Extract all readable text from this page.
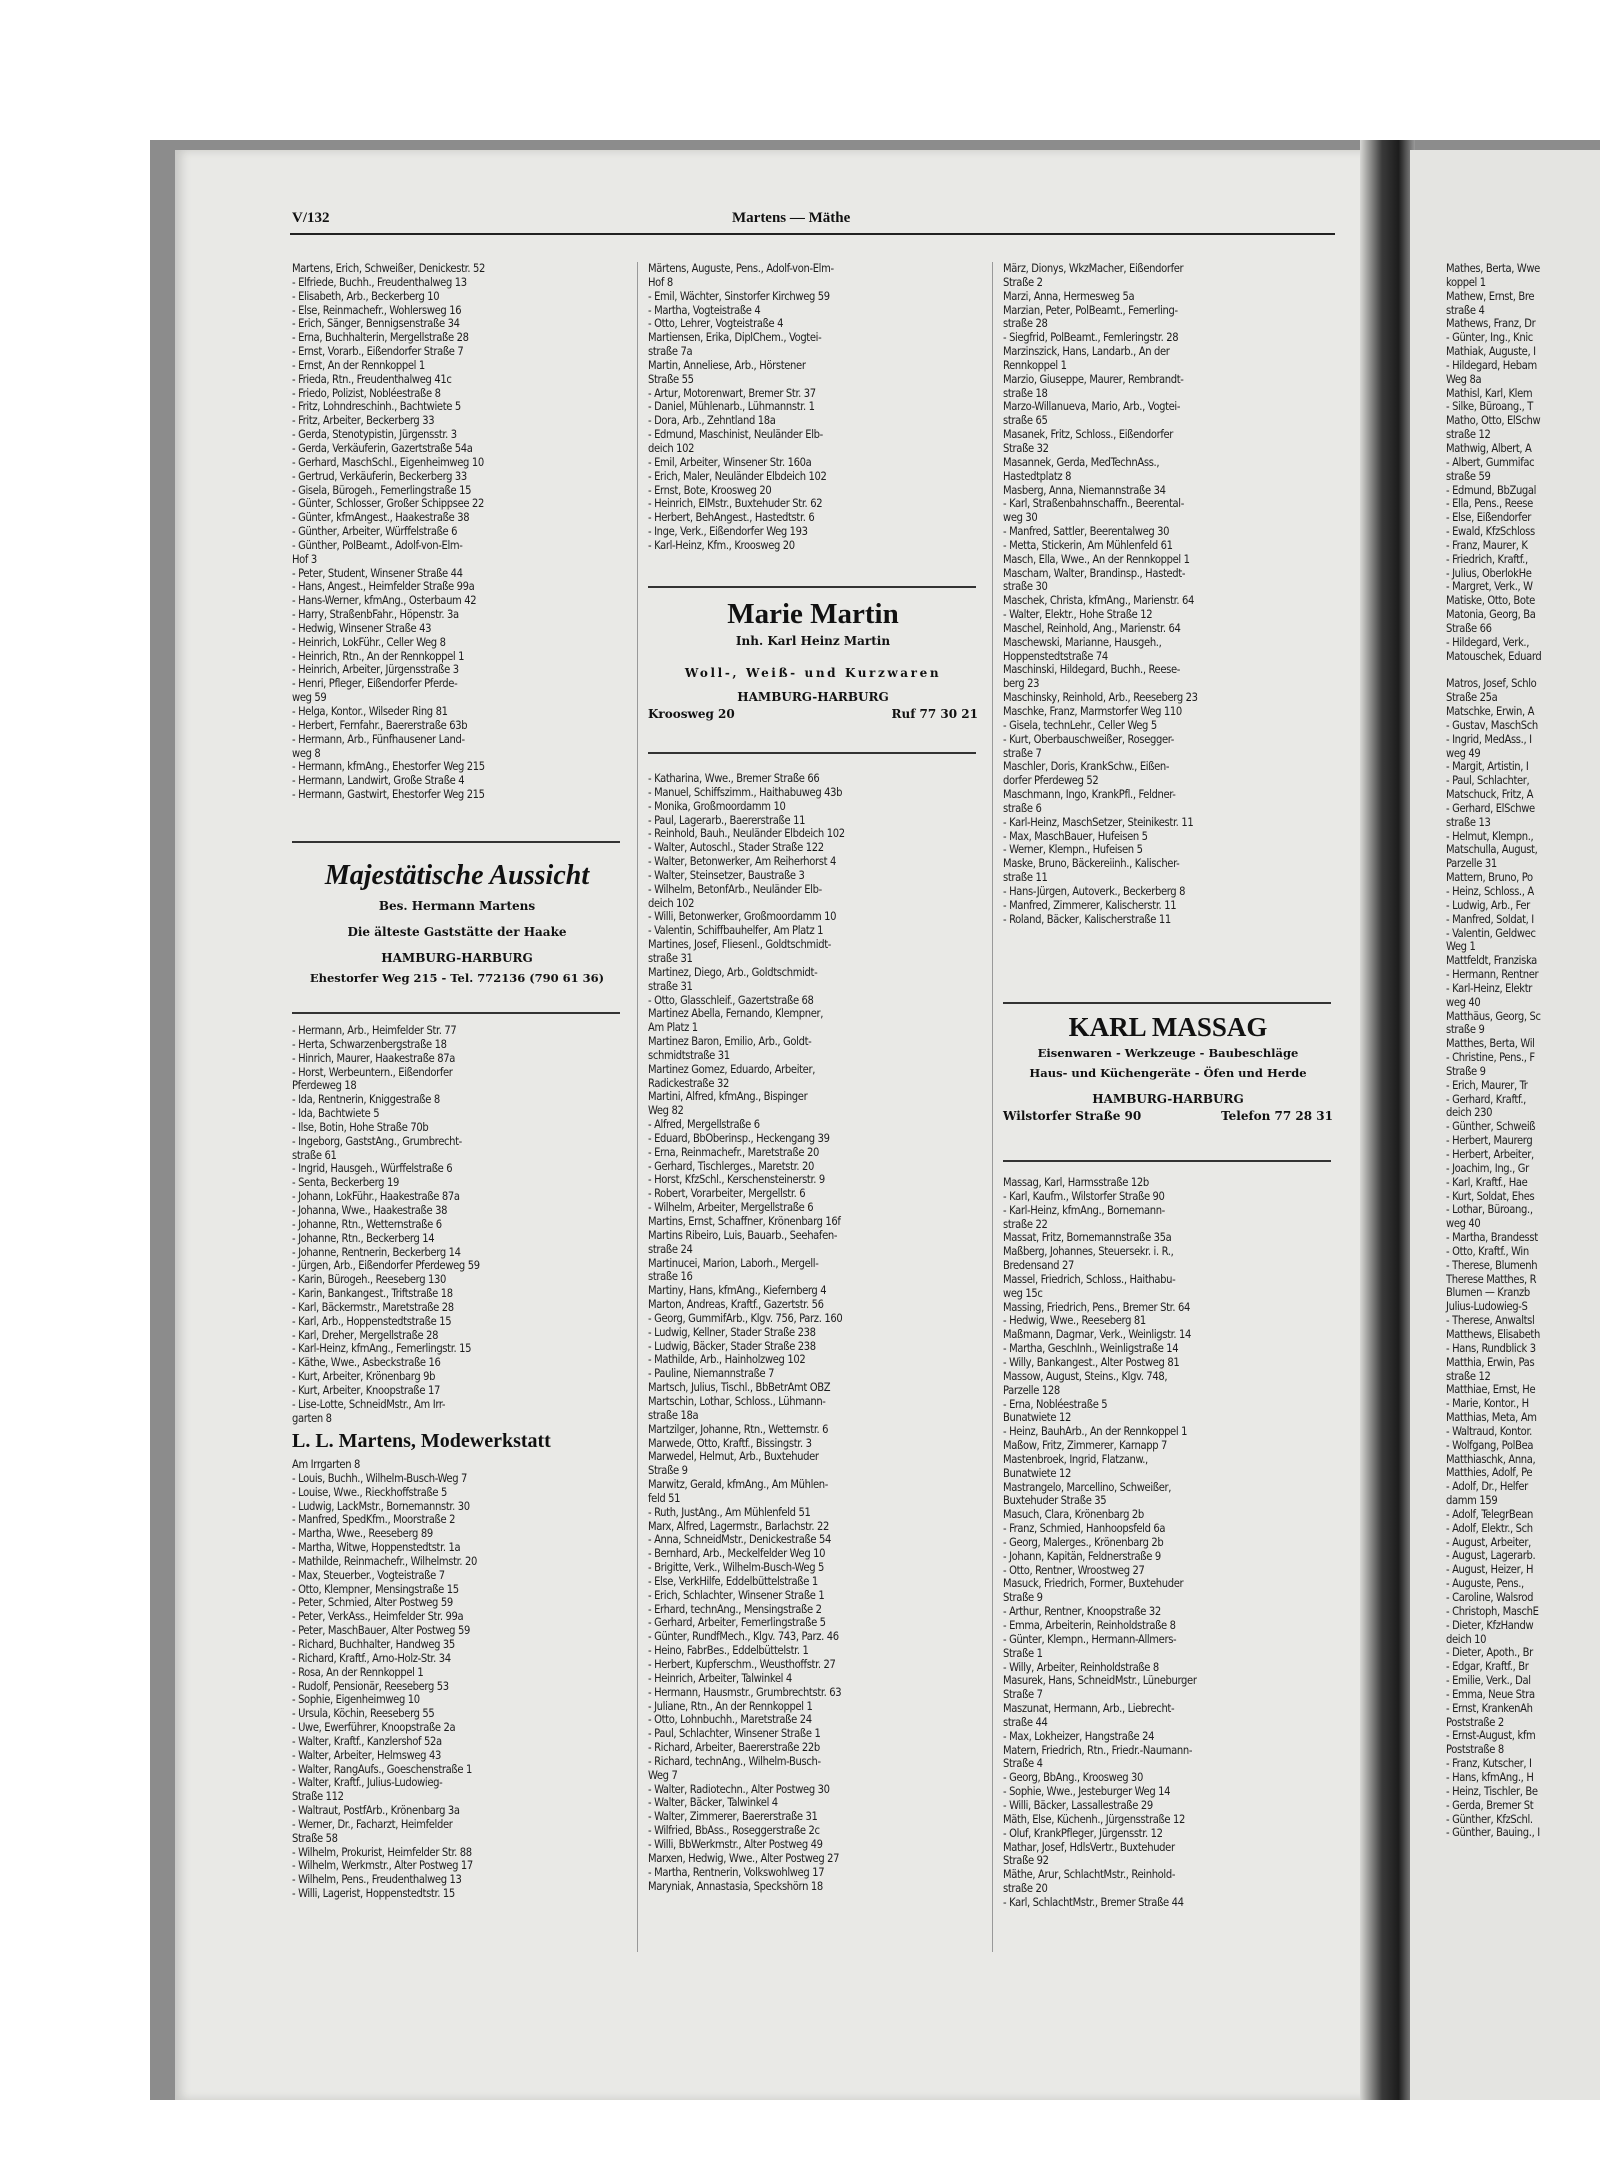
Mathes, Berta, Wwe
koppel 1
Mathew, Ernst, Bre
straße 4
Mathews, Franz, Dr
- Günter, Ing., Knic
Mathiak, Auguste, I
- Hildegard, Hebam
Weg 8a
Mathisl, Karl, Klem
- Silke, Büroang., T
Matho, Otto, ElSchw
straße 12
Mathwig, Albert, A
- Albert, Gummifac
straße 59
- Edmund, BbZugal
- Ella, Pens., Reese
- Else, Eißendorfer
- Ewald, KfzSchloss
- Franz, Maurer, K
- Friedrich, Kraftf.,
- Julius, OberlokHe
- Margret, Verk., W
Matiske, Otto, Bote
Matonia, Georg, Ba
Straße 66
- Hildegard, Verk.,
Matouschek, Eduard
Matros, Josef, Schlo
Straße 25a
Matschke, Erwin, A
- Gustav, MaschSch
- Ingrid, MedAss., I
weg 49
- Margit, Artistin, I
- Paul, Schlachter,
Matschuck, Fritz, A
- Gerhard, ElSchwe
straße 13
- Helmut, Klempn.,
Matschulla, August,
Parzelle 31
Mattern, Bruno, Po
- Heinz, Schloss., A
- Ludwig, Arb., Fer
- Manfred, Soldat, I
- Valentin, Geldwec
Weg 1
Mattfeldt, Franziska
- Hermann, Rentner
- Karl-Heinz, Elektr
weg 40
Matthäus, Georg, Sc
straße 9
Matthes, Berta, Wil
- Christine, Pens., F
Straße 9
- Erich, Maurer, Tr
- Gerhard, Kraftf.,
deich 230
- Günther, Schweiß
- Herbert, Maurerg
- Herbert, Arbeiter,
- Joachim, Ing., Gr
- Karl, Kraftf., Hae
- Kurt, Soldat, Ehes
- Lothar, Büroang.,
weg 40
- Martha, Brandesst
- Otto, Kraftf., Win
- Therese, Blumenh
Therese Matthes, R
Blumen — Kranzb
Julius-Ludowieg-S
- Therese, Anwaltsl
Matthews, Elisabeth
- Hans, Rundblick 3
Matthia, Erwin, Pas
straße 12
Matthiae, Ernst, He
- Marie, Kontor., H
Matthias, Meta, Am
- Waltraud, Kontor.
- Wolfgang, PolBea
Matthiaschk, Anna,
Matthies, Adolf, Pe
- Adolf, Dr., Helfer
damm 159
- Adolf, TelegrBean
- Adolf, Elektr., Sch
- August, Arbeiter,
- August, Lagerarb.
- August, Heizer, H
- Auguste, Pens.,
- Caroline, Walsrod
- Christoph, MaschE
- Dieter, KfzHandw
deich 10
- Dieter, Apoth., Br
- Edgar, Kraftf., Br
- Emilie, Verk., Dal
- Emma, Neue Stra
- Ernst, KrankenAh
Poststraße 2
- Ernst-August, kfm
Poststraße 8
- Franz, Kutscher, I
- Hans, kfmAng., H
- Heinz, Tischler, Be
- Gerda, Bremer St
- Günther, KfzSchl.
- Günther, Bauing., I
V/132	Martens — Mäthe
Martens, Erich, Schweißer, Denickestr. 52
- Elfriede, Buchh., Freudenthalweg 13
- Elisabeth, Arb., Beckerberg 10
- Else, Reinmachefr., Wohlersweg 16
- Erich, Sänger, Bennigsenstraße 34
- Erna, Buchhalterin, Mergellstraße 28
- Ernst, Vorarb., Eißendorfer Straße 7
- Ernst, An der Rennkoppel 1
- Frieda, Rtn., Freudenthalweg 41c
- Friedo, Polizist, Nobléestraße 8
- Fritz, Lohndreschinh., Bachtwiete 5
- Fritz, Arbeiter, Beckerberg 33
- Gerda, Stenotypistin, Jürgensstr. 3
- Gerda, Verkäuferin, Gazertstraße 54a
- Gerhard, MaschSchl., Eigenheimweg 10
- Gertrud, Verkäuferin, Beckerberg 33
- Gisela, Bürogeh., Femerlingstraße 15
- Günter, Schlosser, Großer Schippsee 22
- Günter, kfmAngest., Haakestraße 38
- Günther, Arbeiter, Würffelstraße 6
- Günther, PolBeamt., Adolf-von-Elm-
Hof 3
- Peter, Student, Winsener Straße 44
- Hans, Angest., Heimfelder Straße 99a
- Hans-Werner, kfmAng., Osterbaum 42
- Harry, StraßenbFahr., Höpenstr. 3a
- Hedwig, Winsener Straße 43
- Heinrich, LokFühr., Celler Weg 8
- Heinrich, Rtn., An der Rennkoppel 1
- Heinrich, Arbeiter, Jürgensstraße 3
- Henri, Pfleger, Eißendorfer Pferde-
weg 59
- Helga, Kontor., Wilseder Ring 81
- Herbert, Fernfahr., Baererstraße 63b
- Hermann, Arb., Fünfhausener Land-
weg 8
- Hermann, kfmAng., Ehestorfer Weg 215
- Hermann, Landwirt, Große Straße 4
- Hermann, Gastwirt, Ehestorfer Weg 215
Majestätische Aussicht
Bes. Hermann Martens
Die älteste Gaststätte der Haake
HAMBURG-HARBURG
Ehestorfer Weg 215 - Tel. 772136 (790 61 36)
- Hermann, Arb., Heimfelder Str. 77
- Herta, Schwarzenbergstraße 18
- Hinrich, Maurer, Haakestraße 87a
- Horst, Werbeuntern., Eißendorfer
Pferdeweg 18
- Ida, Rentnerin, Kniggestraße 8
- Ida, Bachtwiete 5
- Ilse, Botin, Hohe Straße 70b
- Ingeborg, GaststAng., Grumbrecht-
straße 61
- Ingrid, Hausgeh., Würffelstraße 6
- Senta, Beckerberg 19
- Johann, LokFühr., Haakestraße 87a
- Johanna, Wwe., Haakestraße 38
- Johanne, Rtn., Wetternstraße 6
- Johanne, Rtn., Beckerberg 14
- Johanne, Rentnerin, Beckerberg 14
- Jürgen, Arb., Eißendorfer Pferdeweg 59
- Karin, Bürogeh., Reeseberg 130
- Karin, Bankangest., Triftstraße 18
- Karl, Bäckermstr., Maretstraße 28
- Karl, Arb., Hoppenstedtstraße 15
- Karl, Dreher, Mergellstraße 28
- Karl-Heinz, kfmAng., Femerlingstr. 15
- Käthe, Wwe., Asbeckstraße 16
- Kurt, Arbeiter, Krönenbarg 9b
- Kurt, Arbeiter, Knoopstraße 17
- Lise-Lotte, SchneidMstr., Am Irr-
garten 8
L. L. Martens, Modewerkstatt
Am Irrgarten 8
- Louis, Buchh., Wilhelm-Busch-Weg 7
- Louise, Wwe., Rieckhoffstraße 5
- Ludwig, LackMstr., Bornemannstr. 30
- Manfred, SpedKfm., Moorstraße 2
- Martha, Wwe., Reeseberg 89
- Martha, Witwe, Hoppenstedtstr. 1a
- Mathilde, Reinmachefr., Wilhelmstr. 20
- Max, Steuerber., Vogteistraße 7
- Otto, Klempner, Mensingstraße 15
- Peter, Schmied, Alter Postweg 59
- Peter, VerkAss., Heimfelder Str. 99a
- Peter, MaschBauer, Alter Postweg 59
- Richard, Buchhalter, Handweg 35
- Richard, Kraftf., Arno-Holz-Str. 34
- Rosa, An der Rennkoppel 1
- Rudolf, Pensionär, Reeseberg 53
- Sophie, Eigenheimweg 10
- Ursula, Köchin, Reeseberg 55
- Uwe, Ewerführer, Knoopstraße 2a
- Walter, Kraftf., Kanzlershof 52a
- Walter, Arbeiter, Helmsweg 43
- Walter, RangAufs., Goeschenstraße 1
- Walter, Kraftf., Julius-Ludowieg-
Straße 112
- Waltraut, PostfArb., Krönenbarg 3a
- Werner, Dr., Facharzt, Heimfelder
Straße 58
- Wilhelm, Prokurist, Heimfelder Str. 88
- Wilhelm, Werkmstr., Alter Postweg 17
- Wilhelm, Pens., Freudenthalweg 13
- Willi, Lagerist, Hoppenstedtstr. 15
Märtens, Auguste, Pens., Adolf-von-Elm-
Hof 8
- Emil, Wächter, Sinstorfer Kirchweg 59
- Martha, Vogteistraße 4
- Otto, Lehrer, Vogteistraße 4
Martiensen, Erika, DiplChem., Vogtei-
straße 7a
Martin, Anneliese, Arb., Hörstener
Straße 55
- Artur, Motorenwart, Bremer Str. 37
- Daniel, Mühlenarb., Lühmannstr. 1
- Dora, Arb., Zehntland 18a
- Edmund, Maschinist, Neuländer Elb-
deich 102
- Emil, Arbeiter, Winsener Str. 160a
- Erich, Maler, Neuländer Elbdeich 102
- Ernst, Bote, Kroosweg 20
- Heinrich, ElMstr., Buxtehuder Str. 62
- Herbert, BehAngest., Hastedtstr. 6
- Inge, Verk., Eißendorfer Weg 193
- Karl-Heinz, Kfm., Kroosweg 20
Marie Martin
Inh. Karl Heinz Martin
Woll-, Weiß- und Kurzwaren
HAMBURG-HARBURG
Kroosweg 20	Ruf 77 30 21
- Katharina, Wwe., Bremer Straße 66
- Manuel, Schiffszimm., Haithabuweg 43b
- Monika, Großmoordamm 10
- Paul, Lagerarb., Baererstraße 11
- Reinhold, Bauh., Neuländer Elbdeich 102
- Walter, Autoschl., Stader Straße 122
- Walter, Betonwerker, Am Reiherhorst 4
- Walter, Steinsetzer, Baustraße 3
- Wilhelm, BetonfArb., Neuländer Elb-
deich 102
- Willi, Betonwerker, Großmoordamm 10
- Valentin, Schiffbauhelfer, Am Platz 1
Martines, Josef, Fliesenl., Goldtschmidt-
straße 31
Martinez, Diego, Arb., Goldtschmidt-
straße 31
- Otto, Glasschleif., Gazertstraße 68
Martinez Abella, Fernando, Klempner,
Am Platz 1
Martinez Baron, Emilio, Arb., Goldt-
schmidtstraße 31
Martinez Gomez, Eduardo, Arbeiter,
Radickestraße 32
Martini, Alfred, kfmAng., Bispinger
Weg 82
- Alfred, Mergellstraße 6
- Eduard, BbOberinsp., Heckengang 39
- Erna, Reinmachefr., Maretstraße 20
- Gerhard, Tischlerges., Maretstr. 20
- Horst, KfzSchl., Kerschensteinerstr. 9
- Robert, Vorarbeiter, Mergellstr. 6
- Wilhelm, Arbeiter, Mergellstraße 6
Martins, Ernst, Schaffner, Krönenbarg 16f
Martins Ribeiro, Luis, Bauarb., Seehafen-
straße 24
Martinucei, Marion, Laborh., Mergell-
straße 16
Martiny, Hans, kfmAng., Kiefernberg 4
Marton, Andreas, Kraftf., Gazertstr. 56
- Georg, GummifArb., Klgv. 756, Parz. 160
- Ludwig, Kellner, Stader Straße 238
- Ludwig, Bäcker, Stader Straße 238
- Mathilde, Arb., Hainholzweg 102
- Pauline, Niemannstraße 7
Martsch, Julius, Tischl., BbBetrAmt OBZ
Martschin, Lothar, Schloss., Lühmann-
straße 18a
Martzilger, Johanne, Rtn., Wetternstr. 6
Marwede, Otto, Kraftf., Bissingstr. 3
Marwedel, Helmut, Arb., Buxtehuder
Straße 9
Marwitz, Gerald, kfmAng., Am Mühlen-
feld 51
- Ruth, JustAng., Am Mühlenfeld 51
Marx, Alfred, Lagermstr., Barlachstr. 22
- Anna, SchneidMstr., Denickestraße 54
- Bernhard, Arb., Meckelfelder Weg 10
- Brigitte, Verk., Wilhelm-Busch-Weg 5
- Else, VerkHilfe, Eddelbüttelstraße 1
- Erich, Schlachter, Winsener Straße 1
- Erhard, technAng., Mensingstraße 2
- Gerhard, Arbeiter, Femerlingstraße 5
- Günter, RundfMech., Klgv. 743, Parz. 46
- Heino, FabrBes., Eddelbüttelstr. 1
- Herbert, Kupferschm., Weusthoffstr. 27
- Heinrich, Arbeiter, Talwinkel 4
- Hermann, Hausmstr., Grumbrechtstr. 63
- Juliane, Rtn., An der Rennkoppel 1
- Otto, Lohnbuchh., Maretstraße 24
- Paul, Schlachter, Winsener Straße 1
- Richard, Arbeiter, Baererstraße 22b
- Richard, technAng., Wilhelm-Busch-
Weg 7
- Walter, Radiotechn., Alter Postweg 30
- Walter, Bäcker, Talwinkel 4
- Walter, Zimmerer, Baererstraße 31
- Wilfried, BbAss., Roseggerstraße 2c
- Willi, BbWerkmstr., Alter Postweg 49
Marxen, Hedwig, Wwe., Alter Postweg 27
- Martha, Rentnerin, Volkswohlweg 17
Maryniak, Annastasia, Speckshörn 18
März, Dionys, WkzMacher, Eißendorfer
Straße 2
Marzi, Anna, Hermesweg 5a
Marzian, Peter, PolBeamt., Femerling-
straße 28
- Siegfrid, PolBeamt., Femleringstr. 28
Marzinszick, Hans, Landarb., An der
Rennkoppel 1
Marzio, Giuseppe, Maurer, Rembrandt-
straße 18
Marzo-Willanueva, Mario, Arb., Vogtei-
straße 65
Masanek, Fritz, Schloss., Eißendorfer
Straße 32
Masannek, Gerda, MedTechnAss.,
Hastedtplatz 8
Masberg, Anna, Niemannstraße 34
- Karl, Straßenbahnschaffn., Beerental-
weg 30
- Manfred, Sattler, Beerentalweg 30
- Metta, Stickerin, Am Mühlenfeld 61
Masch, Ella, Wwe., An der Rennkoppel 1
Mascham, Walter, Brandinsp., Hastedt-
straße 30
Maschek, Christa, kfmAng., Marienstr. 64
- Walter, Elektr., Hohe Straße 12
Maschel, Reinhold, Ang., Marienstr. 64
Maschewski, Marianne, Hausgeh.,
Hoppenstedtstraße 74
Maschinski, Hildegard, Buchh., Reese-
berg 23
Maschinsky, Reinhold, Arb., Reeseberg 23
Maschke, Franz, Marmstorfer Weg 110
- Gisela, technLehr., Celler Weg 5
- Kurt, Oberbauschweißer, Rosegger-
straße 7
Maschler, Doris, KrankSchw., Eißen-
dorfer Pferdeweg 52
Maschmann, Ingo, KrankPfl., Feldner-
straße 6
- Karl-Heinz, MaschSetzer, Steinikestr. 11
- Max, MaschBauer, Hufeisen 5
- Werner, Klempn., Hufeisen 5
Maske, Bruno, Bäckereiinh., Kalischer-
straße 11
- Hans-Jürgen, Autoverk., Beckerberg 8
- Manfred, Zimmerer, Kalischerstr. 11
- Roland, Bäcker, Kalischerstraße 11
KARL MASSAG
Eisenwaren - Werkzeuge - Baubeschläge
Haus- und Küchengeräte - Öfen und Herde
HAMBURG-HARBURG
Wilstorfer Straße 90	Telefon 77 28 31
Massag, Karl, Harmsstraße 12b
- Karl, Kaufm., Wilstorfer Straße 90
- Karl-Heinz, kfmAng., Bornemann-
straße 22
Massat, Fritz, Bornemannstraße 35a
Maßberg, Johannes, Steuersekr. i. R.,
Bredensand 27
Massel, Friedrich, Schloss., Haithabu-
weg 15c
Massing, Friedrich, Pens., Bremer Str. 64
- Hedwig, Wwe., Reeseberg 81
Maßmann, Dagmar, Verk., Weinligstr. 14
- Martha, GeschInh., Weinligstraße 14
- Willy, Bankangest., Alter Postweg 81
Massow, August, Steins., Klgv. 748,
Parzelle 128
- Erna, Nobléestraße 5
Bunatwiete 12
- Heinz, BauhArb., An der Rennkoppel 1
Maßow, Fritz, Zimmerer, Karnapp 7
Mastenbroek, Ingrid, Flatzanw.,
Bunatwiete 12
Mastrangelo, Marcellino, Schweißer,
Buxtehuder Straße 35
Masuch, Clara, Krönenbarg 2b
- Franz, Schmied, Hanhoopsfeld 6a
- Georg, Malerges., Krönenbarg 2b
- Johann, Kapitän, Feldnerstraße 9
- Otto, Rentner, Wroostweg 27
Masuck, Friedrich, Former, Buxtehuder
Straße 9
- Arthur, Rentner, Knoopstraße 32
- Emma, Arbeiterin, Reinholdstraße 8
- Günter, Klempn., Hermann-Allmers-
Straße 1
- Willy, Arbeiter, Reinholdstraße 8
Masurek, Hans, SchneidMstr., Lüneburger
Straße 7
Maszunat, Hermann, Arb., Liebrecht-
straße 44
- Max, Lokheizer, Hangstraße 24
Matern, Friedrich, Rtn., Friedr.-Naumann-
Straße 4
- Georg, BbAng., Kroosweg 30
- Sophie, Wwe., Jesteburger Weg 14
- Willi, Bäcker, Lassallestraße 29
Mäth, Else, Küchenh., Jürgensstraße 12
- Oluf, KrankPfleger, Jürgensstr. 12
Mathar, Josef, HdlsVertr., Buxtehuder
Straße 92
Mäthe, Arur, SchlachtMstr., Reinhold-
straße 20
- Karl, SchlachtMstr., Bremer Straße 44
